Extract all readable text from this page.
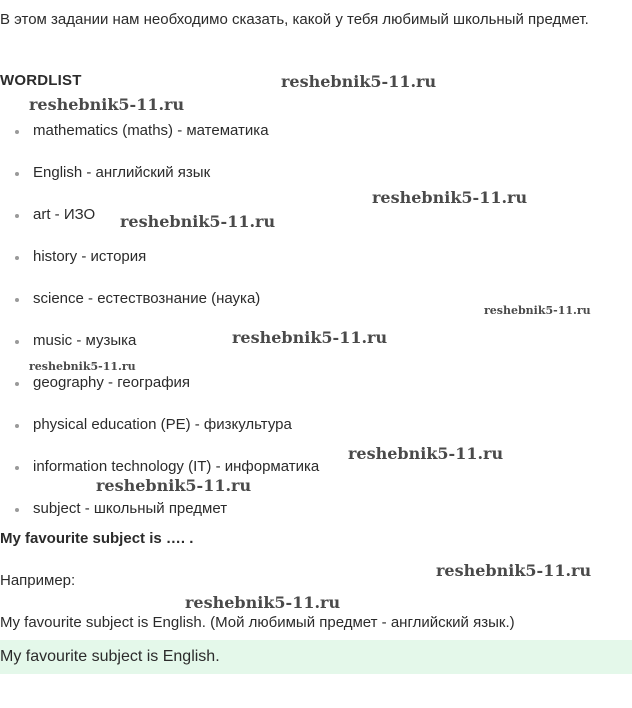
В этом задании нам необходимо сказать, какой у тебя любимый школьный предмет.

WORDLIST

mathematics (maths) - математика
English - английский язык
art - ИЗО
history - история
science - естествознание (наука)
music - музыка
geography - география
physical education (PE) - физкультура
information technology (IT) - информатика
subject - школьный предмет

My favourite subject is …. .

Например:

My favourite subject is English. (Мой любимый предмет - английский язык.)

My favourite subject is English.
reshebnik5-11.ru
reshebnik5-11.ru
reshebnik5-11.ru
reshebnik5-11.ru
reshebnik5-11.ru
reshebnik5-11.ru
reshebnik5-11.ru
reshebnik5-11.ru
reshebnik5-11.ru
reshebnik5-11.ru
reshebnik5-11.ru
